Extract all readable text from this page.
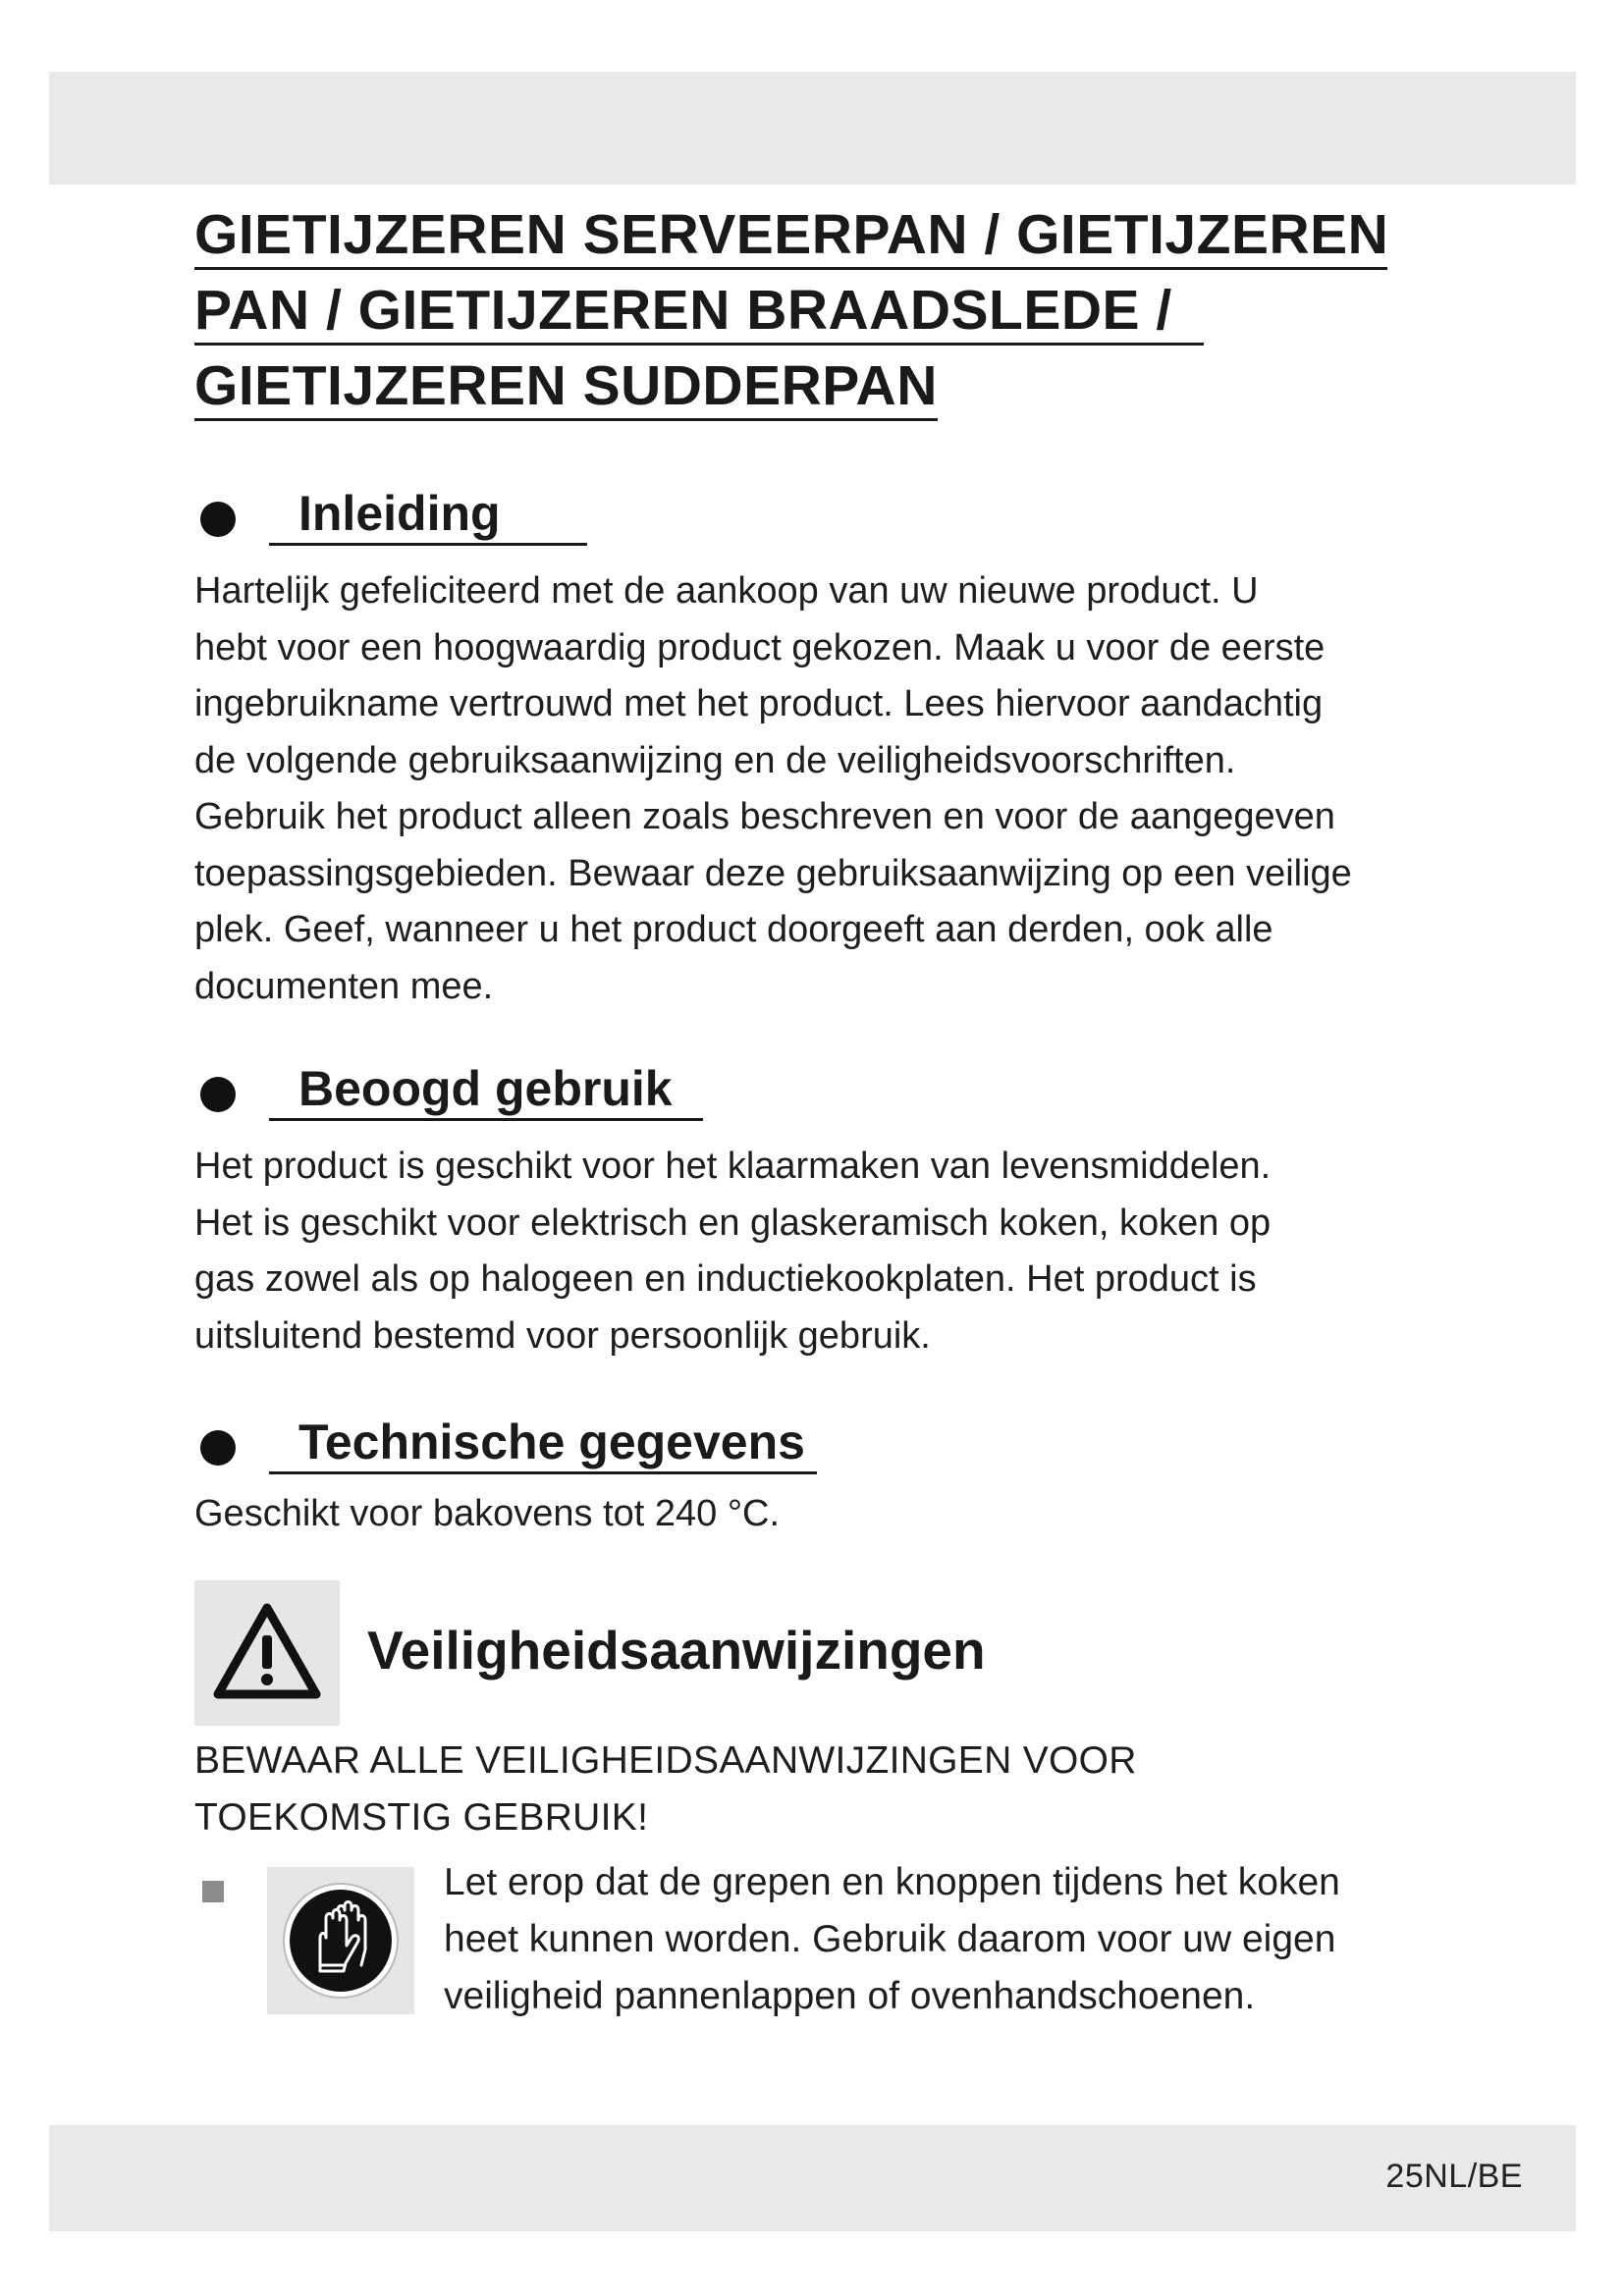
GIETIJZEREN SERVEERPAN / GIETIJZEREN
PAN / GIETIJZEREN BRAADSLEDE /
GIETIJZEREN SUDDERPAN
Inleiding

Hartelijk gefeliciteerd met de aankoop van uw nieuwe product. U
hebt voor een hoogwaardig product gekozen. Maak u voor de eerste
ingebruikname vertrouwd met het product. Lees hiervoor aandachtig
de volgende gebruiksaanwijzing en de veiligheidsvoorschriften.
Gebruik het product alleen zoals beschreven en voor de aangegeven
toepassingsgebieden. Bewaar deze gebruiksaanwijzing op een veilige
plek. Geef, wanneer u het product doorgeeft aan derden, ook alle
documenten mee.

Beoogd gebruik

Het product is geschikt voor het klaarmaken van levensmiddelen.
Het is geschikt voor elektrisch en glaskeramisch koken, koken op
gas zowel als op halogeen en inductiekookplaten. Het product is
uitsluitend bestemd voor persoonlijk gebruik.

Technische gegevens

Geschikt voor bakovens tot 240 °C.

Veiligheidsaanwijzingen

BEWAAR ALLE VEILIGHEIDSAANWIJZINGEN VOOR
TOEKOMSTIG GEBRUIK!

Let erop dat de grepen en knoppen tijdens het koken
heet kunnen worden. Gebruik daarom voor uw eigen
veiligheid pannenlappen of ovenhandschoenen.

25NL/BE
